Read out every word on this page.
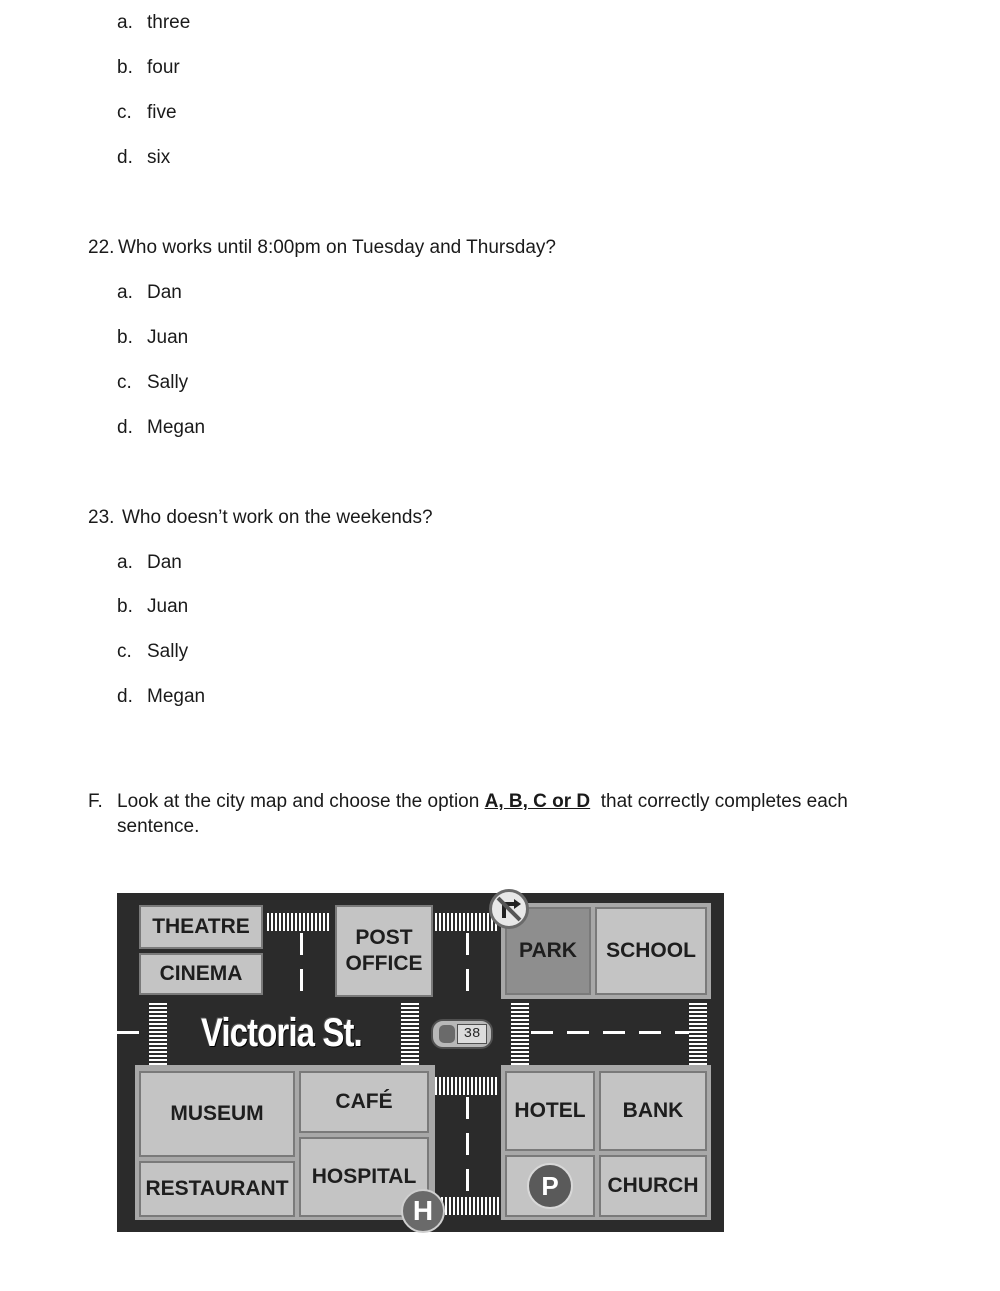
a. three
b. four
c. five
d. six
22. Who works until 8:00pm on Tuesday and Thursday?
a. Dan
b. Juan
c. Sally
d. Megan
23. Who doesn’t work on the weekends?
a. Dan
b. Juan
c. Sally
d. Megan
F. Look at the city map and choose the option A, B, C or D that correctly completes each
sentence.
Victoria St.
THEATRE
CINEMA
POST
OFFICE
PARK	SCHOOL
MUSEUM
CAFÉ
RESTAURANT
HOSPITAL
HOTEL	BANK
P	CHURCH
H
38
